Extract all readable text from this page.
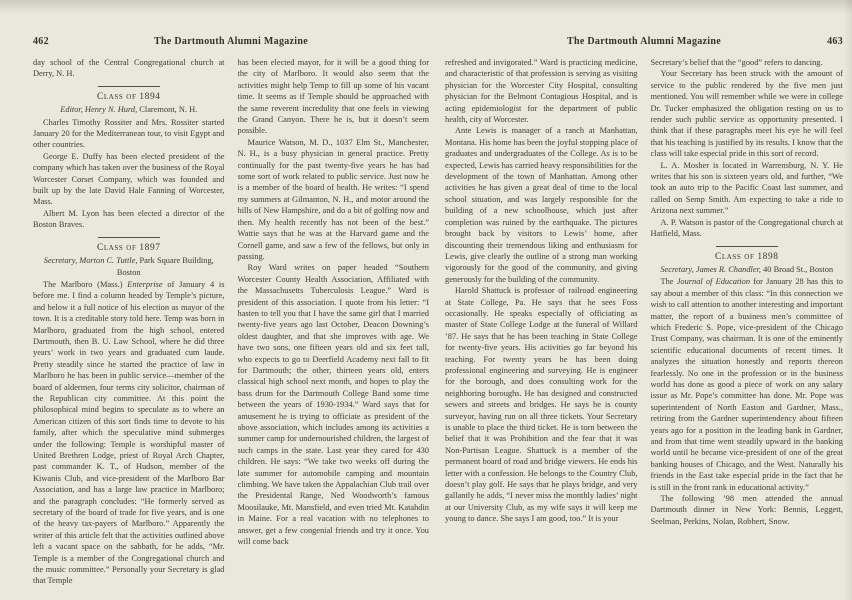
462	The Dartmouth Alumni Magazine

day school of the Central Congregational church at Derry, N. H.

Class of 1894

Editor, Henry N. Hurd, Claremont, N. H.

Charles Timothy Rossiter and Mrs. Rossiter started January 20 for the Mediterranean tour, to visit Egypt and other countries.

George E. Duffy has been elected president of the company which has taken over the business of the Royal Worcester Corset Company, which was founded and built up by the late David Hale Fanning of Worcester, Mass.

Albert M. Lyon has been elected a director of the Boston Braves.

Class of 1897

Secretary, Morton C. Tuttle, Park Square Building, Boston

The Marlboro (Mass.) Enterprise of January 4 is before me. I find a column headed by Temple’s picture, and below it a full notice of his election as mayor of the town. It is a creditable story told here. Temp was born in Marlboro, graduated from the high school, entered Dartmouth, then B. U. Law School, where he did three years’ work in two years and graduated cum laude. Pretty steadily since he started the practice of law in Marlboro he has been in public service—member of the board of aldermen, four terms city solicitor, chairman of the Republican city committee. At this point the philosophical mind begins to speculate as to where an American citizen of this sort finds time to devote to his family, after which the speculative mind submerges under the following: Temple is worshipful master of United Brethren Lodge, priest of Royal Arch Chapter, past commander K. T., of Hudson, member of the Kiwanis Club, and vice-president of the Marlboro Bar Association, and has a large law practice in Marlboro; and the paragraph concludes: “He formerly served as secretary of the board of trade for five years, and is one of the heavy tax-payers of Marlboro.” Apparently the writer of this article felt that the activities outlined above left a vacant space on the sabbath, for he adds, “Mr. Temple is a member of the Congregational church and the music committee.” Personally your Secretary is glad that Temple

has been elected mayor, for it will be a good thing for the city of Marlboro. It would also seem that the activities might help Temp to fill up some of his vacant time. It seems as if Temple should be approached with the same reverent incredulity that one feels in viewing the Grand Canyon. There he is, but it doesn’t seem possible.

Maurice Watson, M. D., 1037 Elm St., Manchester, N. H., is a busy physician in general practice. Pretty continually for the past twenty-five years he has had some sort of work related to public service. Just now he is a member of the board of health. He writes: “I spend my summers at Gilmanton, N. H., and motor around the hills of New Hampshire, and do a bit of golfing now and then. My health recently has not been of the best.” Wattie says that he was at the Harvard game and the Cornell game, and saw a few of the fellows, but only in passing.

Roy Ward writes on paper headed “Southern Worcester County Health Association, Affiliated with the Massachusetts Tuberculosis League.” Ward is president of this association. I quote from his letter: “I hasten to tell you that I have the same girl that I married twenty-five years ago last October, Deacon Downing’s oldest daughter, and that she improves with age. We have two sons, one fifteen years old and six feet tall, who expects to go to Deerfield Academy next fall to fit for Dartmouth; the other, thirteen years old, enters classical high school next month, and hopes to play the bass drum for the Dartmouth College Band some time between the years of 1930-1934.” Ward says that for amusement he is trying to officiate as president of the above association, which includes among its activities a summer camp for undernourished children, the largest of such camps in the state. Last year they cared for 430 children. He says: “We take two weeks off during the late summer for automobile camping and mountain climbing. We have taken the Appalachian Club trail over the Presidental Range, Ned Woodworth’s famous Moosilauke, Mt. Mansfield, and even tried Mt. Katahdin in Maine. For a real vacation with no telephones to answer, get a few congenial friends and try it once. You will come back

The Dartmouth Alumni Magazine	463

refreshed and invigorated.” Ward is practicing medicine, and characteristic of that profession is serving as visiting physician for the Worcester City Hospital, consulting physician for the Belmont Contagious Hospital, and is acting epidemiologist for the department of public health, city of Worcester.

Ante Lewis is manager of a ranch at Manhattan, Montana. His home has been the joyful stopping place of graduates and undergraduates of the College. As is to be expected, Lewis has carried heavy responsibilities for the development of the town of Manhattan. Among other activities he has given a great deal of time to the local school situation, and was largely responsible for the building of a new schoolhouse, which just after completion was ruined by the earthquake. The pictures brought back by visitors to Lewis’ home, after discounting their tremendous liking and enthusiasm for Lewis, give clearly the outline of a strong man working vigorously for the good of the community, and giving generously for the building of the community.

Harold Shattuck is professor of railroad engineering at State College, Pa. He says that he sees Foss occasionally. He speaks especially of officiating as master of State College Lodge at the funeral of Willard ’87. He says that he has been teaching in State College for twenty-five years. His activities go far beyond his teaching. For twenty years he has been doing professional engineering and surveying. He is engineer for the borough, and does consulting work for the neighboring boroughs. He has designed and constructed sewers and streets and bridges. He says he is county surveyor, having run on all three tickets. Your Secretary is unable to place the third ticket. He is torn between the belief that it was Prohibition and the fear that it was Non-Partisan League. Shattuck is a member of the permanent board of road and bridge viewers. He ends his letter with a confession. He belongs to the Country Club, doesn’t play golf. He says that he plays bridge, and very gallantly he adds, “I never miss the monthly ladies’ night at our University Club, as my wife says it will keep me young to dance. She says I am good, too.” It is your

Secretary’s belief that the “good” refers to dancing.

Your Secretary has been struck with the amount of service to the public rendered by the five men just mentioned. You will remember while we were in college Dr. Tucker emphasized the obligation resting on us to render such public service as opportunity presented. I think that if these paragraphs meet his eye he will feel that his teaching is justified by its results. I know that the class will take especial pride in this sort of record.

L. A. Mosher is located in Warrensburg, N. Y. He writes that his son is sixteen years old, and further, “We took an auto trip to the Pacific Coast last summer, and called on Semp Smith. Am expecting to take a ride to Arizona next summer.”

A. P. Watson is pastor of the Congregational church at Hatfield, Mass.

Class of 1898

Secretary, James R. Chandler, 40 Broad St., Boston

The Journal of Education for January 28 has this to say about a member of this class: “In this connection we wish to call attention to another interesting and important matter, the report of a business men’s committee of which Frederic S. Pope, vice-president of the Chicago Trust Company, was chairman. It is one of the eminently scientific educational documents of recent times. It analyzes the situation honestly and reports thereon fearlessly. No one in the profession or in the business world has done as good a piece of work on any salary issue as Mr. Pope’s committee has done. Mr. Pope was superintendent of North Easton and Gardner, Mass., retiring from the Gardner superintendency about fifteen years ago for a position in the leading bank in Gardner, and from that time went steadily upward in the banking world until he became vice-president of one of the great banking houses of Chicago, and the West. Naturally his friends in the East take especial pride in the fact that he is still in the front rank in educational activity.”

The following ’98 men attended the annual Dartmouth dinner in New York: Bennis, Leggett, Seelman, Perkins, Nolan, Robbert, Snow.
